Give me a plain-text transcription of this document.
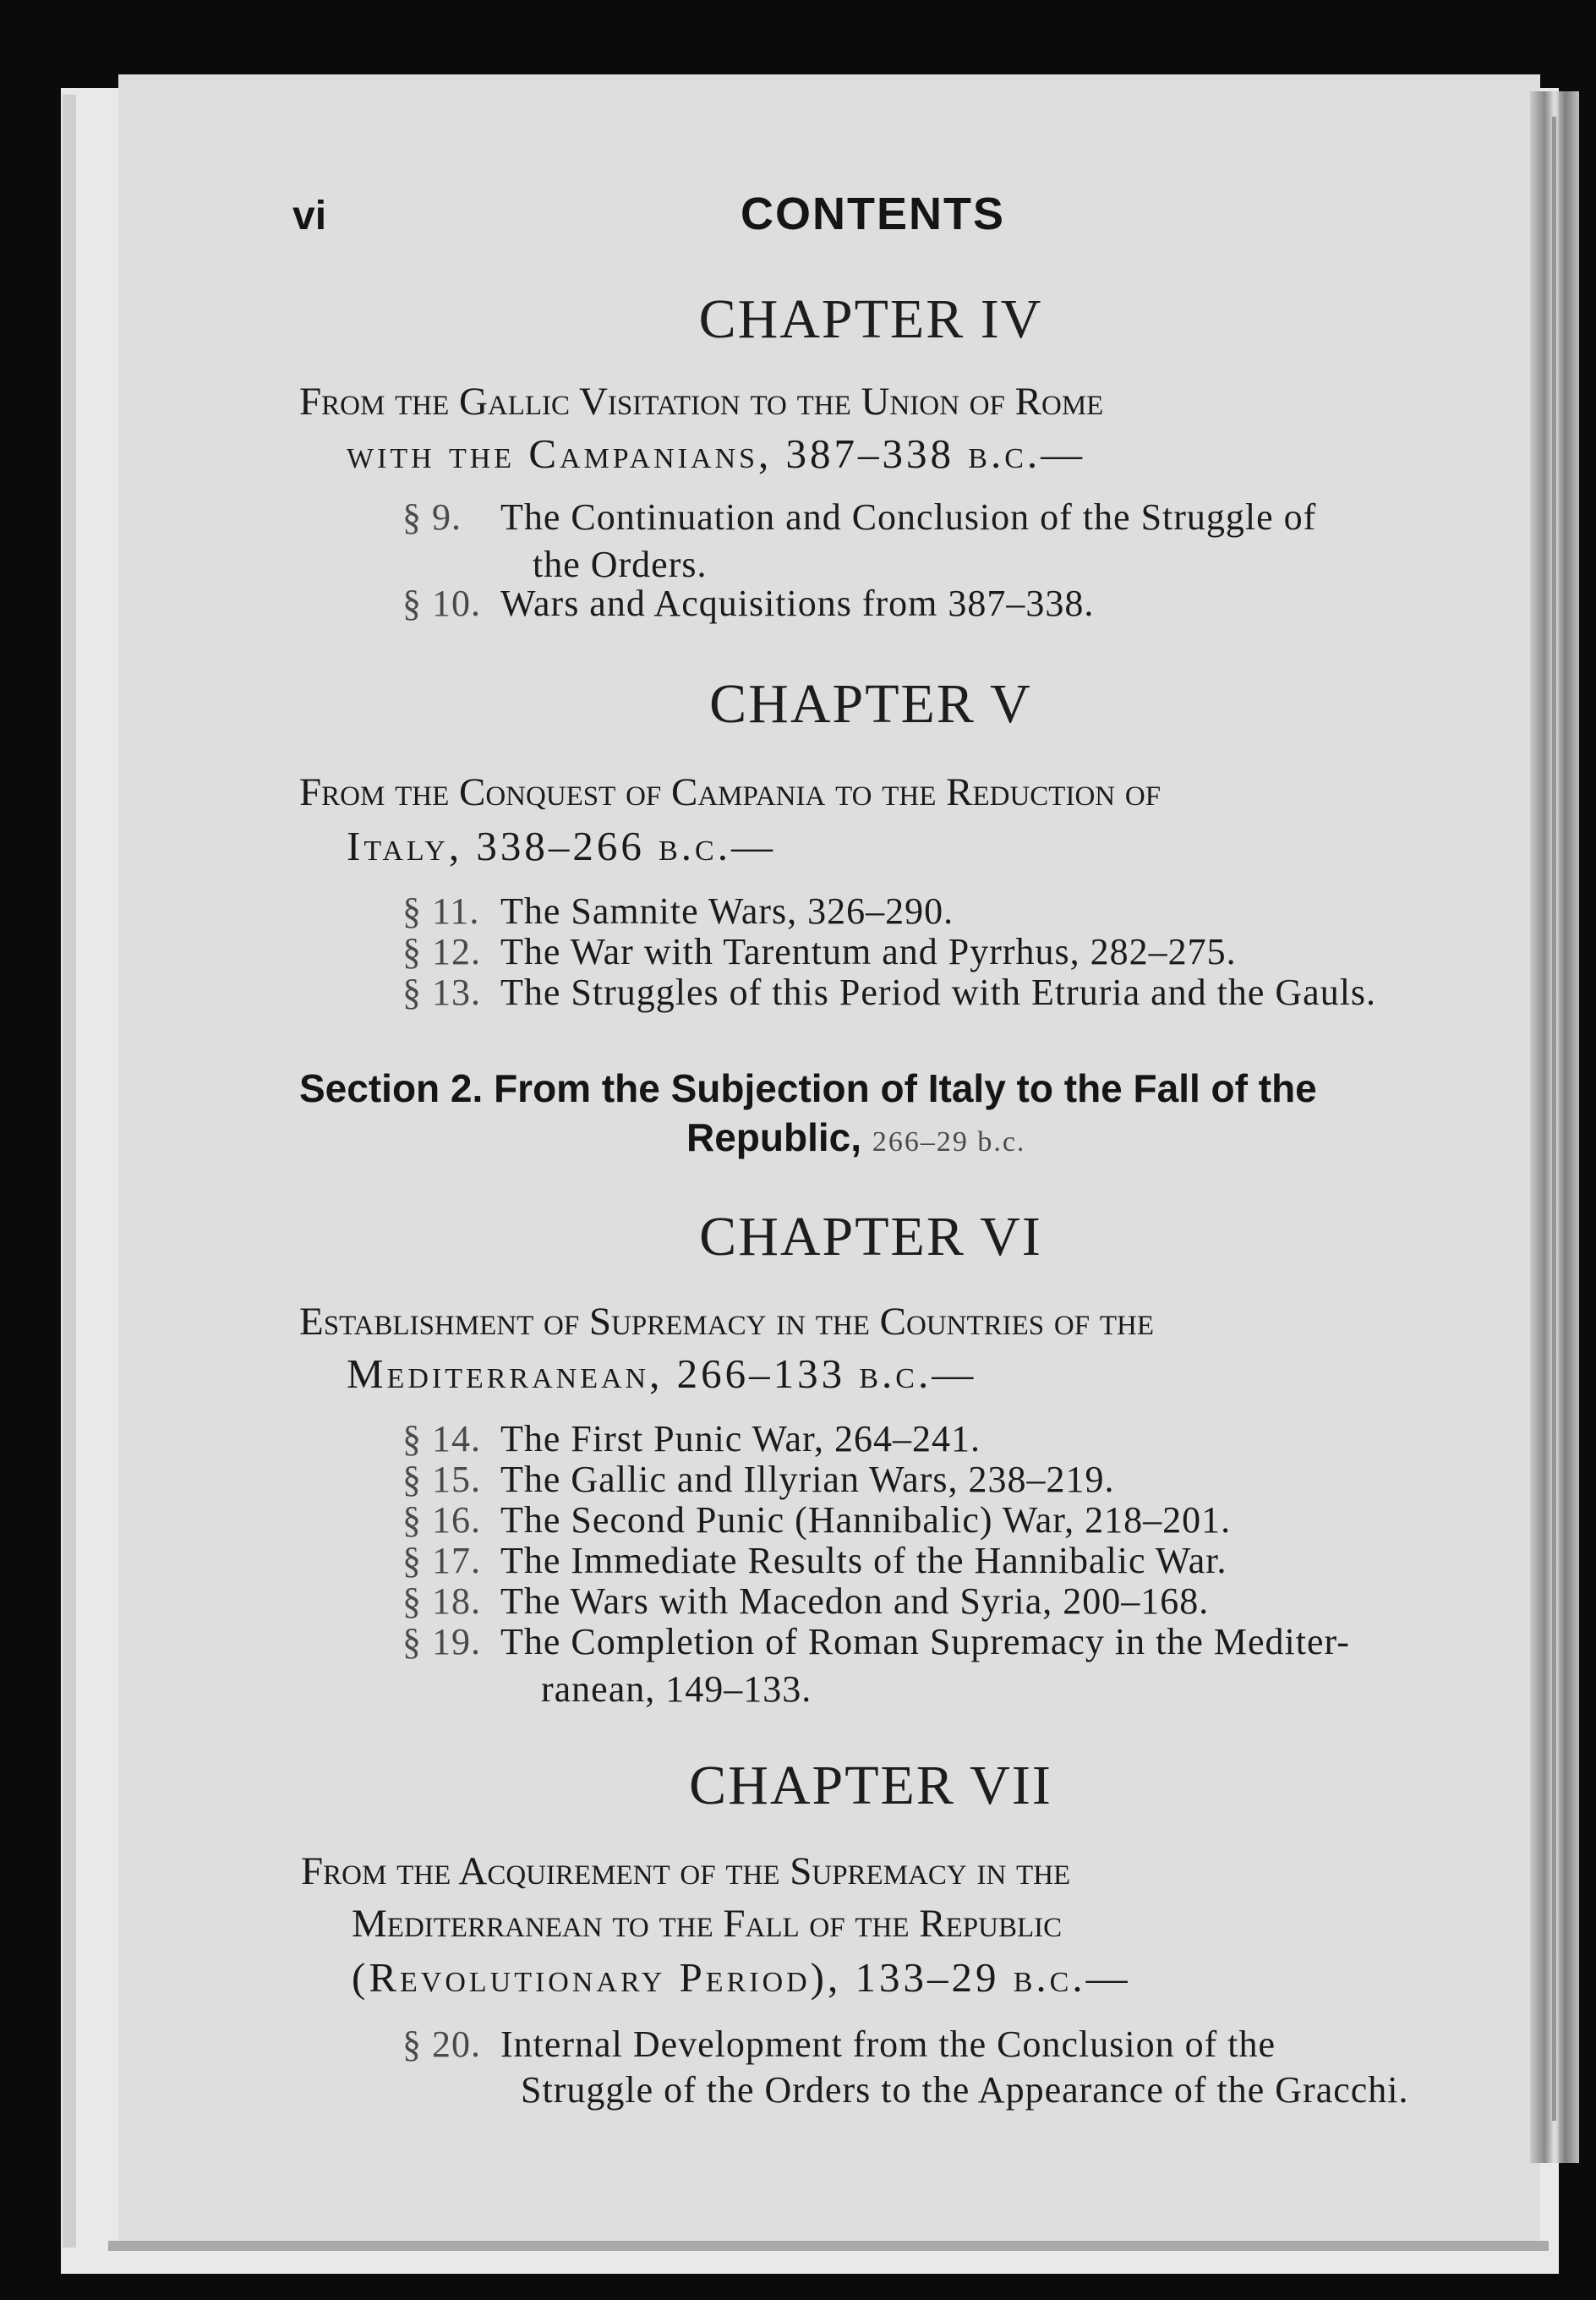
vi	CONTENTS
CHAPTER IV
From the Gallic Visitation to the Union of Rome
with the Campanians, 387–338 b.c.—
§ 9. The Continuation and Conclusion of the Struggle of
the Orders.
§ 10. Wars and Acquisitions from 387–338.
CHAPTER V
From the Conquest of Campania to the Reduction of
Italy, 338–266 b.c.—
§ 11. The Samnite Wars, 326–290.
§ 12. The War with Tarentum and Pyrrhus, 282–275.
§ 13. The Struggles of this Period with Etruria and the Gauls.
Section 2. From the Subjection of Italy to the Fall of the
Republic, 266–29 b.c.
CHAPTER VI
Establishment of Supremacy in the Countries of the
Mediterranean, 266–133 b.c.—
§ 14. The First Punic War, 264–241.
§ 15. The Gallic and Illyrian Wars, 238–219.
§ 16. The Second Punic (Hannibalic) War, 218–201.
§ 17. The Immediate Results of the Hannibalic War.
§ 18. The Wars with Macedon and Syria, 200–168.
§ 19. The Completion of Roman Supremacy in the Mediter-
ranean, 149–133.
CHAPTER VII
From the Acquirement of the Supremacy in the
Mediterranean to the Fall of the Republic
(Revolutionary Period), 133–29 b.c.—
§ 20. Internal Development from the Conclusion of the
Struggle of the Orders to the Appearance of the Gracchi.
